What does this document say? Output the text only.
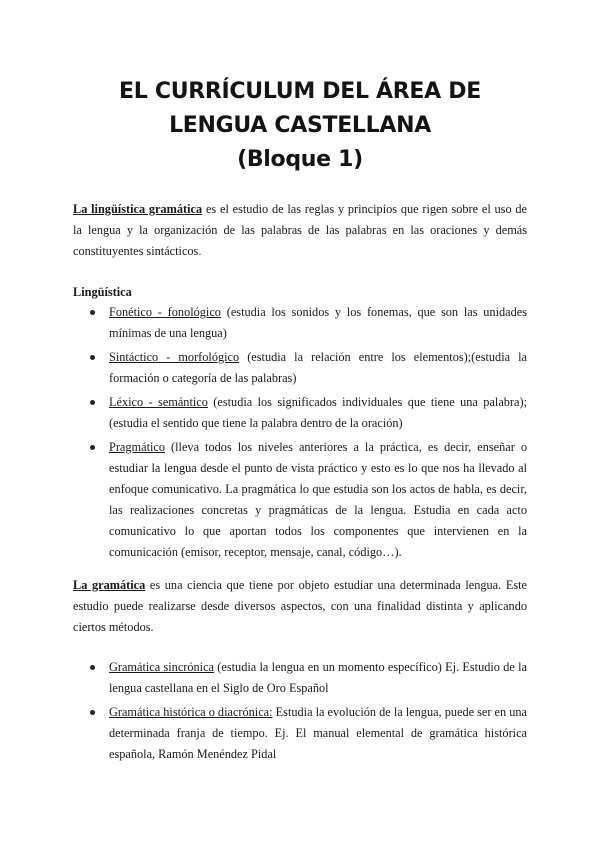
EL CURRÍCULUM DEL ÁREA DE
LENGUA CASTELLANA
(Bloque 1)
La lingüística gramática es el estudio de las reglas y principios que rigen sobre el uso de la lengua y la organización de las palabras de las palabras en las oraciones y demás constituyentes sintácticos.
Lingüística
Fonético - fonológico (estudia los sonidos y los fonemas, que son las unidades mínimas de una lengua)
Sintáctico - morfológico (estudia la relación entre los elementos);(estudia la formación o categoría de las palabras)
Léxico - semántico (estudia los significados individuales que tiene una palabra); (estudia el sentido que tiene la palabra dentro de la oración)
Pragmático (lleva todos los niveles anteriores a la práctica, es decir, enseñar o estudiar la lengua desde el punto de vista práctico y esto es lo que nos ha llevado al enfoque comunicativo. La pragmática lo que estudia son los actos de habla, es decir, las realizaciones concretas y pragmáticas de la lengua. Estudia en cada acto comunicativo lo que aportan todos los componentes que intervienen en la comunicación (emisor, receptor, mensaje, canal, código…).
La gramática es una ciencia que tiene por objeto estudiar una determinada lengua. Este estudio puede realizarse desde diversos aspectos, con una finalidad distinta y aplicando ciertos métodos.
Gramática sincrónica (estudia la lengua en un momento específico) Ej. Estudio de la lengua castellana en el Siglo de Oro Español
Gramática histórica o diacrónica: Estudia la evolución de la lengua, puede ser en una determinada franja de tiempo. Ej. El manual elemental de gramática histórica española, Ramón Menéndez Pidal
